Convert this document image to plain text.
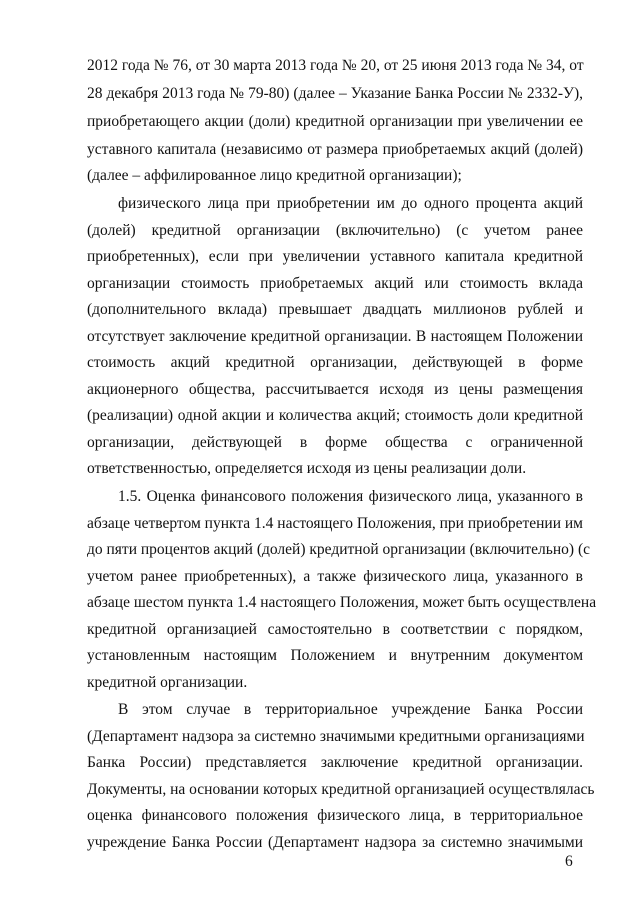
2012 года № 76, от 30 марта 2013 года № 20, от 25 июня 2013 года № 34, от
28 декабря 2013 года № 79-80) (далее – Указание Банка России № 2332-У),
приобретающего акции (доли) кредитной организации при увеличении ее
уставного капитала (независимо от размера приобретаемых акций (долей)
(далее – аффилированное лицо кредитной организации);
физического лица при приобретении им до одного процента акций
(долей) кредитной организации (включительно) (с учетом ранее
приобретенных), если при увеличении уставного капитала кредитной
организации стоимость приобретаемых акций или стоимость вклада
(дополнительного вклада) превышает двадцать миллионов рублей и
отсутствует заключение кредитной организации. В настоящем Положении
стоимость акций кредитной организации, действующей в форме
акционерного общества, рассчитывается исходя из цены размещения
(реализации) одной акции и количества акций; стоимость доли кредитной
организации, действующей в форме общества с ограниченной
ответственностью, определяется исходя из цены реализации доли.
1.5. Оценка финансового положения физического лица, указанного в
абзаце четвертом пункта 1.4 настоящего Положения, при приобретении им
до пяти процентов акций (долей) кредитной организации (включительно) (с
учетом ранее приобретенных), а также физического лица, указанного в
абзаце шестом пункта 1.4 настоящего Положения, может быть осуществлена
кредитной организацией самостоятельно в соответствии с порядком,
установленным настоящим Положением и внутренним документом
кредитной организации.
В этом случае в территориальное учреждение Банка России
(Департамент надзора за системно значимыми кредитными организациями
Банка России) представляется заключение кредитной организации.
Документы, на основании которых кредитной организацией осуществлялась
оценка финансового положения физического лица, в территориальное
учреждение Банка России (Департамент надзора за системно значимыми
6
